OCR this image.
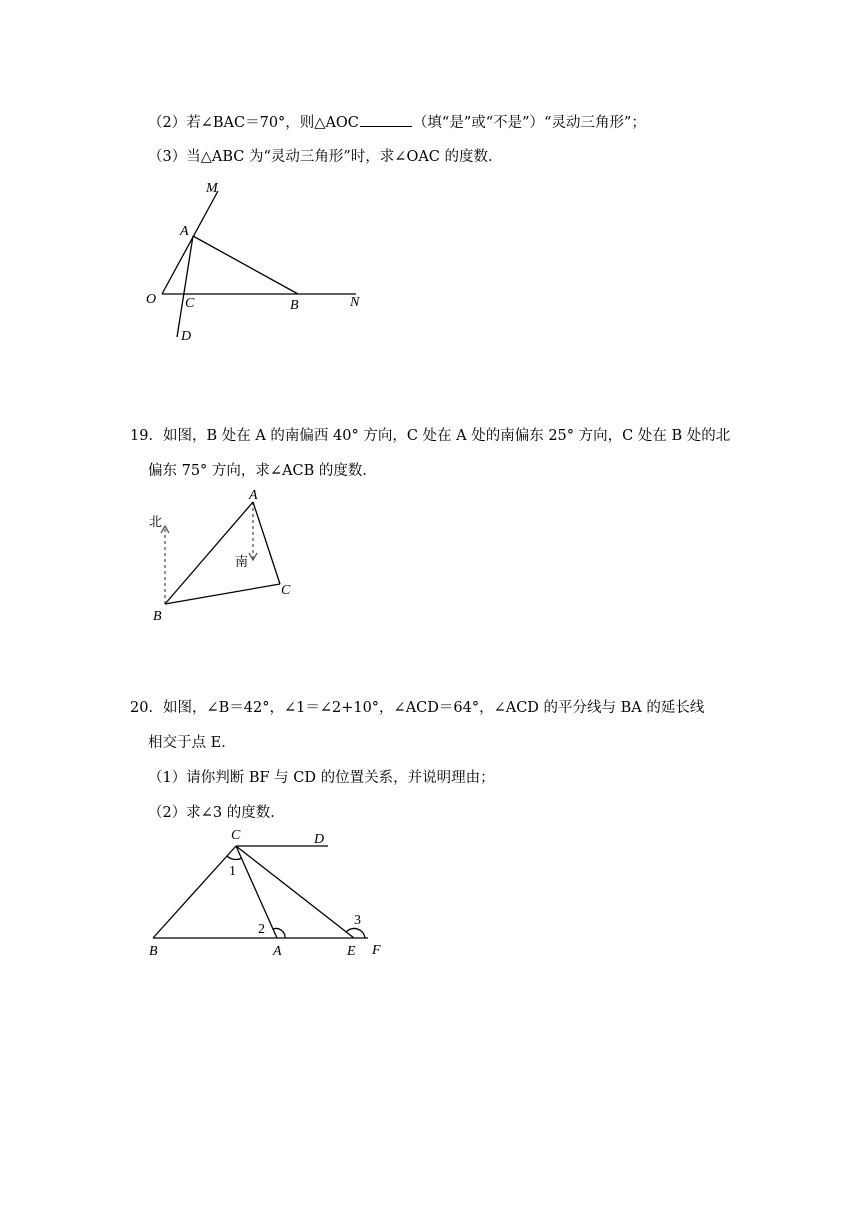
（2）若∠BAC＝70°，则△AOC	（填“是”或“不是”）“灵动三角形”；
（3）当△ABC 为“灵动三角形”时，求∠OAC 的度数．
M
A
O C	B	N
D
19．如图，B 处在 A 的南偏西 40° 方向，C 处在 A 处的南偏东 25° 方向，C 处在 B 处的北
偏东 75° 方向，求∠ACB 的度数．
北
南
A
B
C
20．如图，∠B＝42°，∠1＝∠2+10°，∠ACD＝64°，∠ACD 的平分线与 BA 的延长线
相交于点 E．
（1）请你判断 BF 与 CD 的位置关系，并说明理由；
（2）求∠3 的度数．
C	D
1
2
3
B	A	E F
